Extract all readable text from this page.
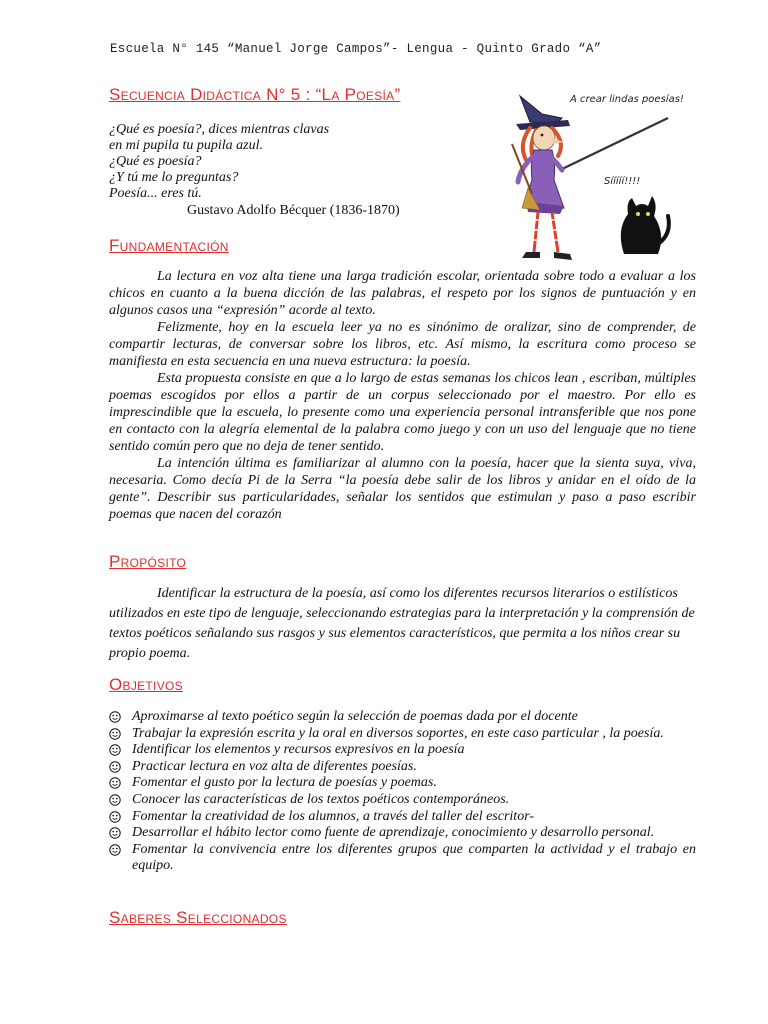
Escuela N° 145 “Manuel Jorge Campos”- Lengua - Quinto Grado “A”
Secuencia Didáctica N° 5 : “La Poesía”
¿Qué es poesía?, dices mientras clavas
en mi pupila tu pupila azul.
¿Qué es poesía?
¿Y tú me lo preguntas?
Poesía... eres tú.
Gustavo Adolfo Bécquer (1836-1870)
A crear lindas poesías!
Sííííí!!!!
Fundamentación

La lectura en voz alta tiene una larga tradición escolar, orientada sobre todo a evaluar a los chicos en cuanto a la buena dicción de las palabras, el respeto por los signos de puntuación y en algunos casos una “expresión” acorde al texto.

Felizmente, hoy en la escuela leer ya no es sinónimo de oralizar, sino de comprender, de compartir lecturas, de conversar sobre los libros, etc. Así mismo, la escritura como proceso se manifiesta en esta secuencia en una nueva estructura: la poesía.

Esta propuesta consiste en que a lo largo de estas semanas los chicos lean , escriban, múltiples poemas escogidos por ellos a partir de un corpus seleccionado por el maestro. Por ello es imprescindible que la escuela, lo presente como una experiencia personal intransferible que nos pone en contacto con la alegría elemental de la palabra como juego y con un uso del lenguaje que no tiene sentido común pero que no deja de tener sentido.

La intención última es familiarizar al alumno con la poesía, hacer que la sienta suya, viva, necesaria. Como decía Pi de la Serra “la poesía debe salir de los libros y anidar en el oído de la gente”. Describir sus particularidades, señalar los sentidos que estimulan y paso a paso escribir poemas que nacen del corazón

Propósito

Identificar la estructura de la poesía, así como los diferentes recursos literarios o estilísticos utilizados en este tipo de lenguaje, seleccionando estrategias para la interpretación y la comprensión de textos poéticos señalando sus rasgos y sus elementos característicos, que permita a los niños crear su propio poema.

Objetivos
Aproximarse al texto poético según la selección de poemas dada por el docente
Trabajar la expresión escrita y la oral en diversos soportes, en este caso particular , la poesía.
Identificar los elementos y recursos expresivos en la poesía
Practicar lectura en voz alta de diferentes poesías.
Fomentar el gusto por la lectura de poesías y poemas.
Conocer las características de los textos poéticos contemporáneos.
Fomentar la creatividad de los alumnos, a través del taller del escritor-
Desarrollar el hábito lector como fuente de aprendizaje, conocimiento y desarrollo personal.
Fomentar la convivencia entre los diferentes grupos que comparten la actividad y el trabajo en equipo.
Saberes Seleccionados
